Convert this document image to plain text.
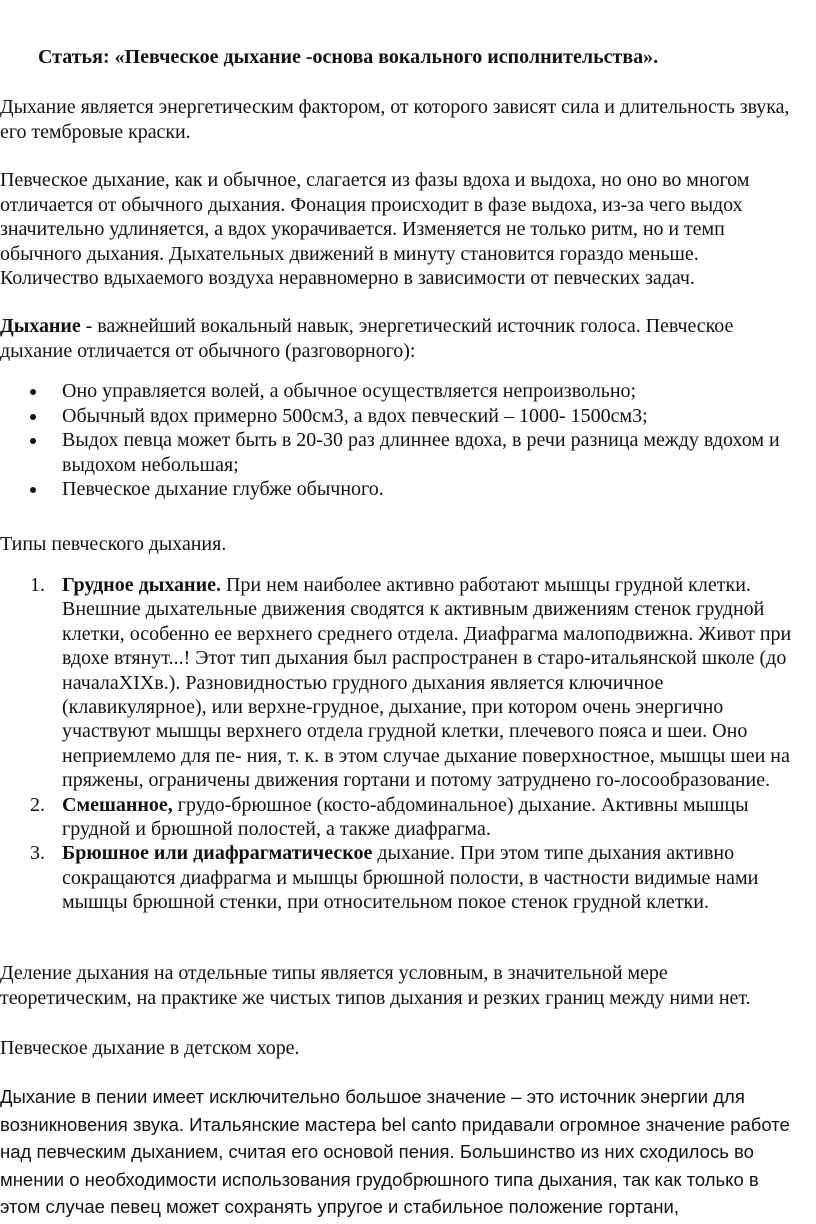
Статья: «Певческое дыхание -основа вокального исполнительства».

Дыхание является энергетическим фактором, от которого зависят сила и длительность звука, его тембровые краски.

Певческое дыхание, как и обычное, слагается из фазы вдоха и выдоха, но оно во многом
отличается от обычного дыхания. Фонация происходит в фазе выдоха, из-за чего выдох
значительно удлиняется, а вдох укорачивается. Изменяется не только ритм, но и темп
обычного дыхания. Дыхательных движений в минуту становится гораздо меньше.
Количество вдыхаемого воздуха неравномерно в зависимости от певческих задач.

Дыхание - важнейший вокальный навык, энергетический источник голоса. Певческое дыхание отличается от обычного (разговорного):

Оно управляется волей, а обычное осуществляется непроизвольно;
Обычный вдох примерно 500см3, а вдох певческий – 1000- 1500см3;
Выдох певца может быть в 20-30 раз длиннее вдоха, в речи разница между вдохом и выдохом небольшая;
Певческое дыхание глубже обычного.

Типы певческого дыхания.

1. Грудное дыхание. При нем наиболее активно работают мышцы грудной клетки. Внешние дыхательные движения сводятся к активным движениям стенок грудной клетки, особенно ее верхнего среднего отдела. Диафрагма малоподвижна. Живот при вдохе втянут...! Этот тип дыхания был распространен в старо-итальянской школе (до началаXIXв.). Разновидностью грудного дыхания является ключичное (клавикулярное), или верхне-грудное, дыхание, при котором очень энергично участвуют мышцы верхнего отдела грудной клетки, плечевого пояса и шеи. Оно неприемлемо для пе- ния, т. к. в этом случае дыхание поверхностное, мышцы шеи на пряжены, ограничены движения гортани и потому затруднено го-лосообразование.
2. Смешанное, грудо-брюшное (косто-абдоминальное) дыхание. Активны мышцы грудной и брюшной полостей, а также диафрагма.
3. Брюшное или диафрагматическое дыхание. При этом типе дыхания активно сокращаются диафрагма и мышцы брюшной полости, в частности видимые нами мышцы брюшной стенки, при относительном покое стенок грудной клетки.

Деление дыхания на отдельные типы является условным, в значительной мере теоретическим, на практике же чистых типов дыхания и резких границ между ними нет.

Певческое дыхание в детском хоре.

Дыхание в пении имеет исключительно большое значение – это источник энергии для
возникновения звука. Итальянские мастера bel canto придавали огромное значение работе
над певческим дыханием, считая его основой пения. Большинство из них сходилось во
мнении о необходимости использования грудобрюшного типа дыхания, так как только в
этом случае певец может сохранять упругое и стабильное положение гортани,
